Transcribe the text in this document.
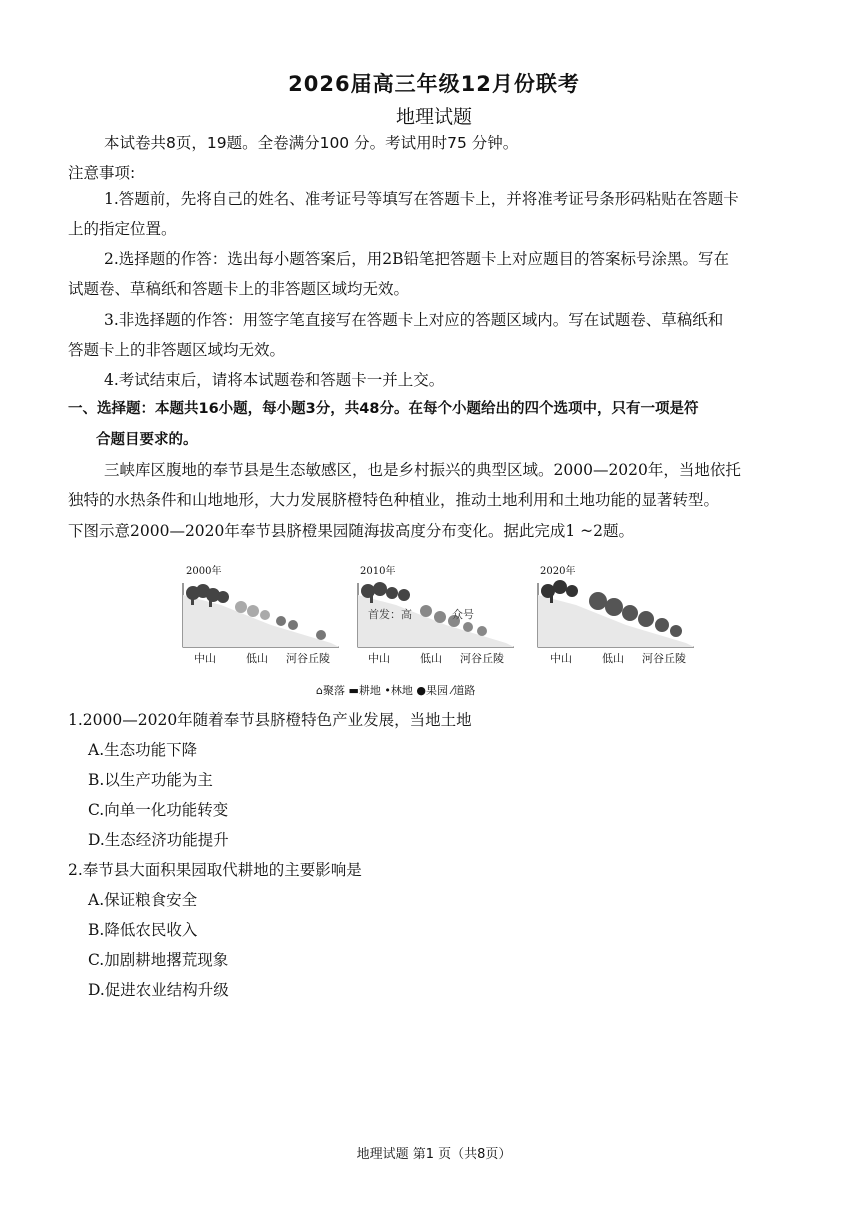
2026届高三年级12月份联考
地理试题
本试卷共8页，19题。全卷满分100 分。考试用时75 分钟。
注意事项:
1.答题前，先将自己的姓名、准考证号等填写在答题卡上，并将准考证号条形码粘贴在答题卡
上的指定位置。
2.选择题的作答：选出每小题答案后，用2B铅笔把答题卡上对应题目的答案标号涂黑。写在
试题卷、草稿纸和答题卡上的非答题区域均无效。
3.非选择题的作答：用签字笔直接写在答题卡上对应的答题区域内。写在试题卷、草稿纸和
答题卡上的非答题区域均无效。
4.考试结束后，请将本试题卷和答题卡一并上交。
一、选择题：本题共16小题，每小题3分，共48分。在每个小题给出的四个选项中，只有一项是符
合题目要求的。
三峡库区腹地的奉节县是生态敏感区，也是乡村振兴的典型区域。2000—2020年，当地依托
独特的水热条件和山地地形，大力发展脐橙特色种植业，推动土地利用和土地功能的显著转型。
下图示意2000—2020年奉节县脐橙果园随海拔高度分布变化。据此完成1 ~2题。
2000年	2010年	2020年
中山	低山 河谷丘陵	中山	低山 河谷丘陵	中山	低山 河谷丘陵
首发：高	众号
⌂聚落 ▬耕地 •林地 ●果园 ⁄道路
1.2000—2020年随着奉节县脐橙特色产业发展，当地土地
A.生态功能下降
B.以生产功能为主
C.向单一化功能转变
D.生态经济功能提升
2.奉节县大面积果园取代耕地的主要影响是
A.保证粮食安全
B.降低农民收入
C.加剧耕地撂荒现象
D.促进农业结构升级
地理试题 第1 页（共8页）
